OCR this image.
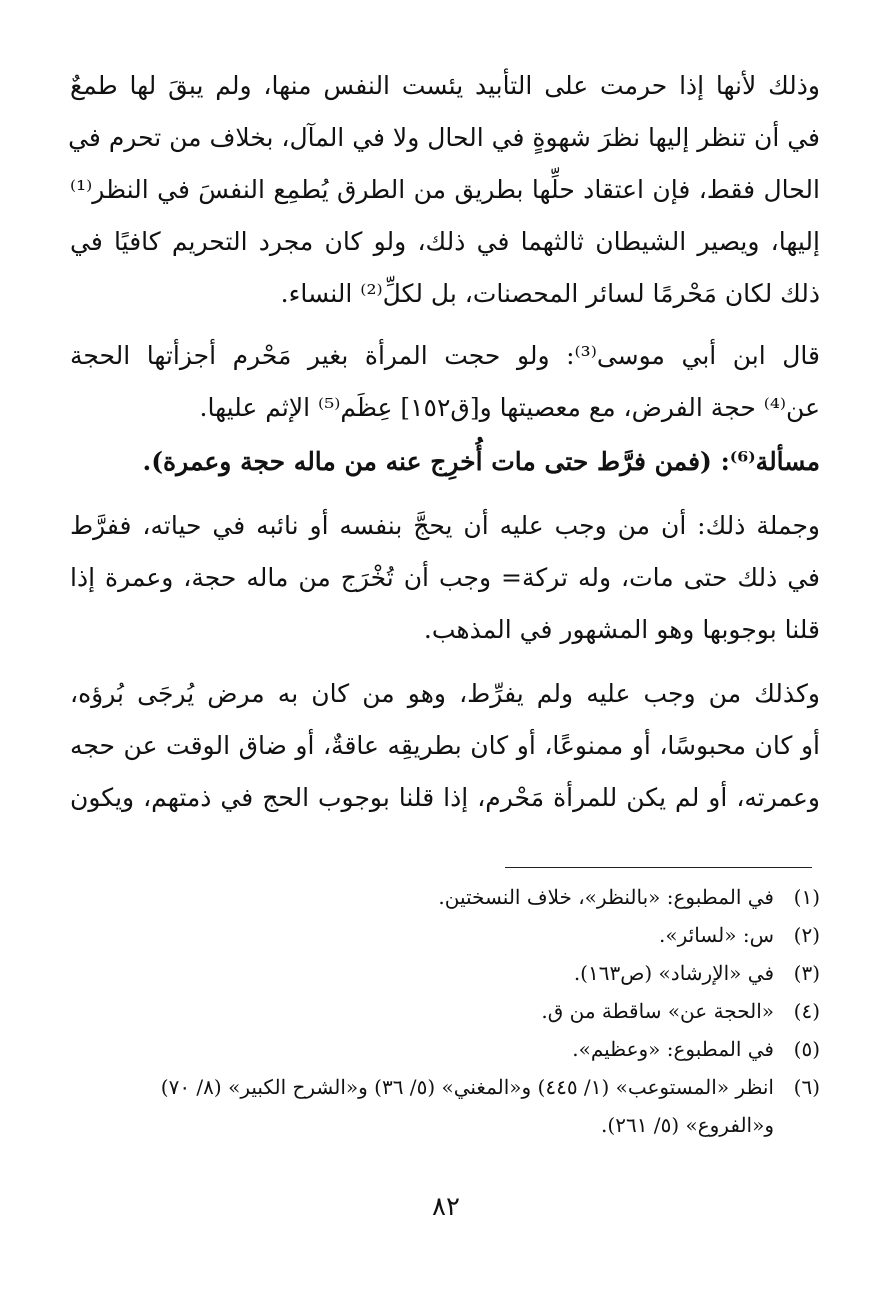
وذلك لأنها إذا حرمت على التأبيد يئست النفس منها، ولم يبقَ لها طمعٌ
في أن تنظر إليها نظرَ شهوةٍ في الحال ولا في المآل، بخلاف من تحرم في
الحال فقط، فإن اعتقاد حلِّها بطريق من الطرق يُطمِع النفسَ في النظر⁽¹⁾
إليها، ويصير الشيطان ثالثهما في ذلك، ولو كان مجرد التحريم كافيًا في
ذلك لكان مَحْرمًا لسائر المحصنات، بل لكلِّ⁽²⁾ النساء.

قال ابن أبي موسى⁽³⁾: ولو حجت المرأة بغير مَحْرم أجزأتها الحجة
عن⁽⁴⁾ حجة الفرض، مع معصيتها و[ق١٥٢] عِظَم⁽⁵⁾ الإثم عليها.

مسألة⁽⁶⁾: (فمن فرَّط حتى مات أُخرِج عنه من ماله حجة وعمرة).

وجملة ذلك: أن من وجب عليه أن يحجَّ بنفسه أو نائبه في حياته، ففرَّط
في ذلك حتى مات، وله تركة= وجب أن تُخْرَج من ماله حجة، وعمرة إذا
قلنا بوجوبها وهو المشهور في المذهب.

وكذلك من وجب عليه ولم يفرِّط، وهو من كان به مرض يُرجَى بُرؤه،
أو كان محبوسًا، أو ممنوعًا، أو كان بطريقِه عاقةٌ، أو ضاق الوقت عن حجه
وعمرته، أو لم يكن للمرأة مَحْرم، إذا قلنا بوجوب الحج في ذمتهم، ويكون

(١)في المطبوع: «بالنظر»، خلاف النسختين.
(٢)س: «لسائر».
(٣)في «الإرشاد» (ص١٦٣).
(٤)«الحجة عن» ساقطة من ق.
(٥)في المطبوع: «وعظيم».
(٦)انظر «المستوعب» (١/ ٤٤٥) و«المغني» (٥/ ٣٦) و«الشرح الكبير» (٨/ ٧٠)
و«الفروع» (٥/ ٢٦١).
٨٢
